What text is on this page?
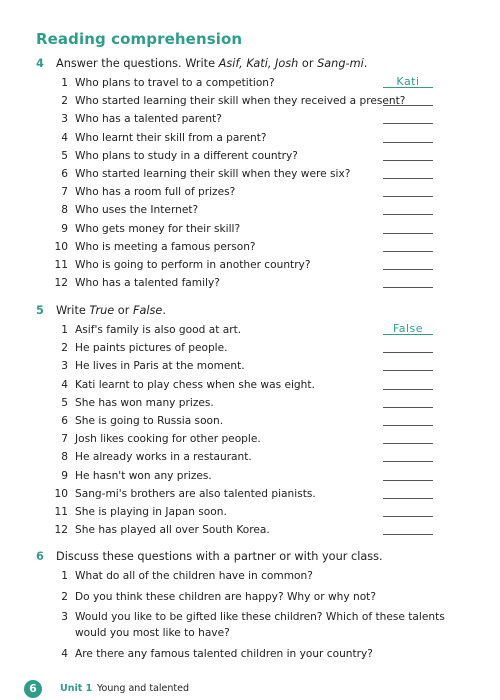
Reading comprehension
4 Answer the questions. Write Asif, Kati, Josh or Sang-mi.
1 Who plans to travel to a competition?	Kati
2 Who started learning their skill when they received a present?
3 Who has a talented parent?
4 Who learnt their skill from a parent?
5 Who plans to study in a different country?
6 Who started learning their skill when they were six?
7 Who has a room full of prizes?
8 Who uses the Internet?
9 Who gets money for their skill?
10 Who is meeting a famous person?
11 Who is going to perform in another country?
12 Who has a talented family?
5 Write True or False.
1 Asif's family is also good at art.	False
2 He paints pictures of people.
3 He lives in Paris at the moment.
4 Kati learnt to play chess when she was eight.
5 She has won many prizes.
6 She is going to Russia soon.
7 Josh likes cooking for other people.
8 He already works in a restaurant.
9 He hasn't won any prizes.
10 Sang-mi's brothers are also talented pianists.
11 She is playing in Japan soon.
12 She has played all over South Korea.
6 Discuss these questions with a partner or with your class.
1 What do all of the children have in common?
2 Do you think these children are happy? Why or why not?
3 Would you like to be gifted like these children? Which of these talents would you most like to have?
4 Are there any famous talented children in your country?
6	Unit 1 Young and talented
